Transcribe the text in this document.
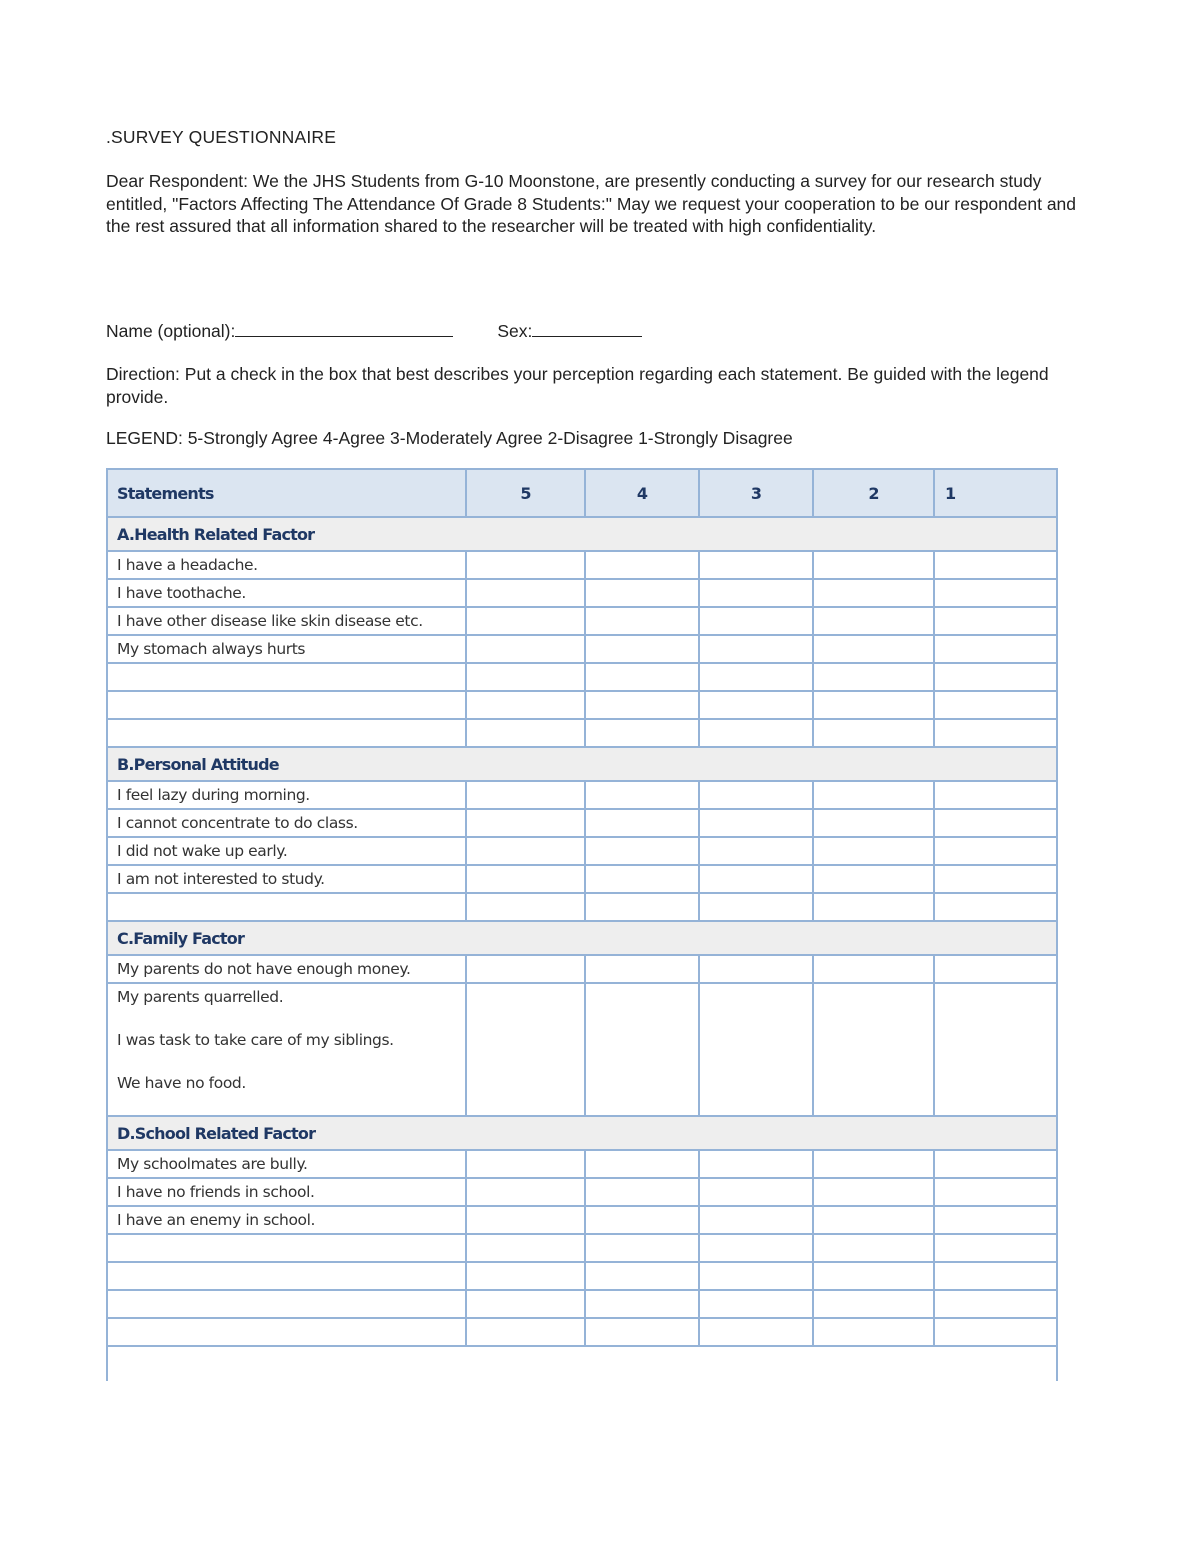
.SURVEY QUESTIONNAIRE
Dear Respondent: We the JHS Students from G-10 Moonstone, are presently conducting a survey for our research study entitled, "Factors Affecting The Attendance Of Grade 8 Students:" May we request your cooperation to be our respondent and the rest assured that all information shared to the researcher will be treated with high confidentiality.
Name (optional):	Sex:
Direction: Put a check in the box that best describes your perception regarding each statement. Be guided with the legend provide.
LEGEND: 5-Strongly Agree 4-Agree 3-Moderately Agree 2-Disagree 1-Strongly Disagree
Statements	5	4	3	2	1
A.Health Related Factor					
I have a headache.					
I have toothache.					
I have other disease like skin disease etc.					
My stomach always hurts					

B.Personal Attitude					
I feel lazy during morning.					
I cannot concentrate to do class.					
I did not wake up early.					
I am not interested to study.					

C.Family Factor					
My parents do not have enough money.					

My parents quarrelled.
I was task to take care of my siblings.
We have no food.					

D.School Related Factor					
My schoolmates are bully.					
I have no friends in school.					
I have an enemy in school.					
